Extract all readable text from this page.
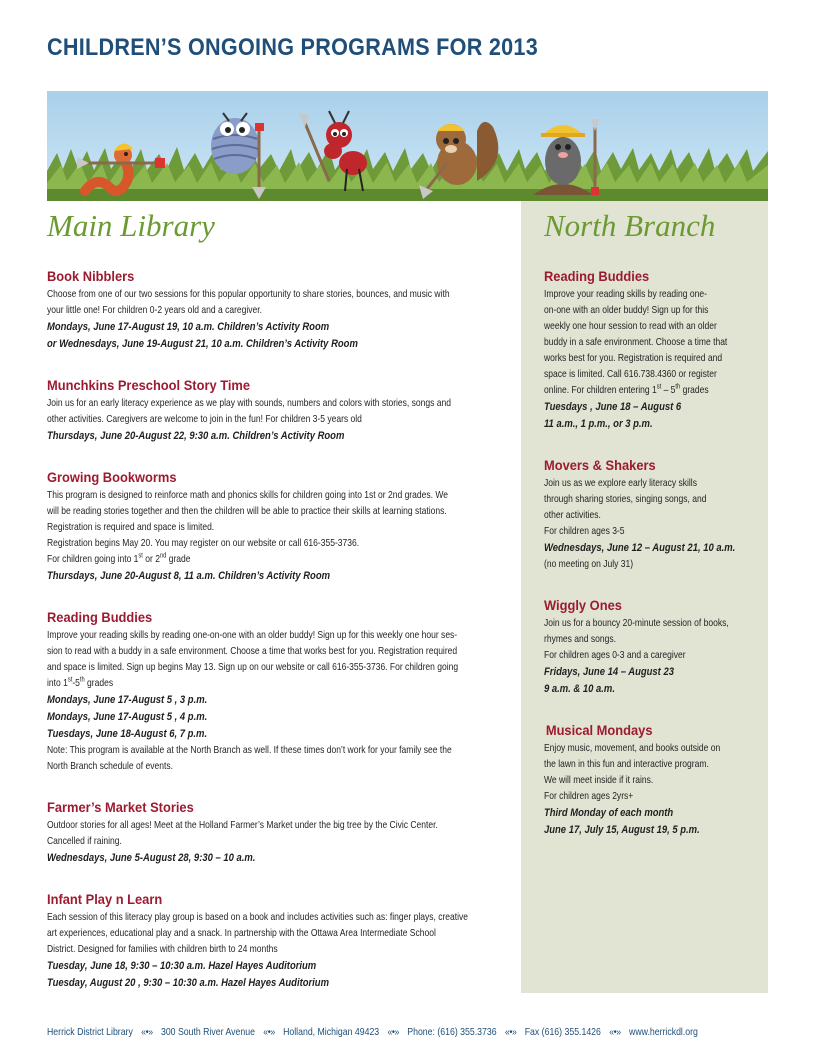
CHILDREN’S ONGOING PROGRAMS FOR 2013
Main Library	North Branch
Book Nibblers
Choose from one of our two sessions for this popular opportunity to share stories, bounces, and music with
your little one! For children 0-2 years old and a caregiver.
Mondays, June 17-August 19, 10 a.m. Children’s Activity Room
or Wednesdays, June 19-August 21, 10 a.m. Children’s Activity Room
Munchkins Preschool Story Time
Join us for an early literacy experience as we play with sounds, numbers and colors with stories, songs and
other activities. Caregivers are welcome to join in the fun! For children 3-5 years old
Thursdays, June 20-August 22, 9:30 a.m. Children’s Activity Room
Growing Bookworms
This program is designed to reinforce math and phonics skills for children going into 1st or 2nd grades. We
will be reading stories together and then the children will be able to practice their skills at learning stations.
Registration is required and space is limited.
Registration begins May 20. You may register on our website or call 616-355-3736.
For children going into 1st or 2nd grade
Thursdays, June 20-August 8, 11 a.m. Children’s Activity Room
Reading Buddies
Improve your reading skills by reading one-on-one with an older buddy! Sign up for this weekly one hour ses-
sion to read with a buddy in a safe environment. Choose a time that works best for you. Registration required
and space is limited. Sign up begins May 13. Sign up on our website or call 616-355-3736. For children going
into 1st-5th grades
Mondays, June 17-August 5 , 3 p.m.
Mondays, June 17-August 5 , 4 p.m.
Tuesdays, June 18-August 6, 7 p.m.
Note: This program is available at the North Branch as well. If these times don’t work for your family see the
North Branch schedule of events.
Farmer’s Market Stories
Outdoor stories for all ages! Meet at the Holland Farmer’s Market under the big tree by the Civic Center.
Cancelled if raining.
Wednesdays, June 5-August 28, 9:30 – 10 a.m.
Infant Play n Learn
Each session of this literacy play group is based on a book and includes activities such as: finger plays, creative
art experiences, educational play and a snack. In partnership with the Ottawa Area Intermediate School
District. Designed for families with children birth to 24 months
Tuesday, June 18, 9:30 – 10:30 a.m. Hazel Hayes Auditorium
Tuesday, August 20 , 9:30 – 10:30 a.m. Hazel Hayes Auditorium
Reading Buddies
Improve your reading skills by reading one-
on-one with an older buddy! Sign up for this
weekly one hour session to read with an older
buddy in a safe environment. Choose a time that
works best for you. Registration is required and
space is limited. Call 616.738.4360 or register
online. For children entering 1st – 5th grades
Tuesdays , June 18 – August 6
11 a.m., 1 p.m., or 3 p.m.
Movers & Shakers
Join us as we explore early literacy skills
through sharing stories, singing songs, and
other activities.
For children ages 3-5
Wednesdays, June 12 – August 21, 10 a.m.
(no meeting on July 31)
Wiggly Ones
Join us for a bouncy 20-minute session of books,
rhymes and songs.
For children ages 0-3 and a caregiver
Fridays, June 14 – August 23
9 a.m. & 10 a.m.
Musical Mondays
Enjoy music, movement, and books outside on
the lawn in this fun and interactive program.
We will meet inside if it rains.
For children ages 2yrs+
Third Monday of each month
June 17, July 15, August 19, 5 p.m.
Herrick District Library «•» 300 South River Avenue «•» Holland, Michigan 49423 «•» Phone: (616) 355.3736 «•» Fax (616) 355.1426 «•» www.herrickdl.org
